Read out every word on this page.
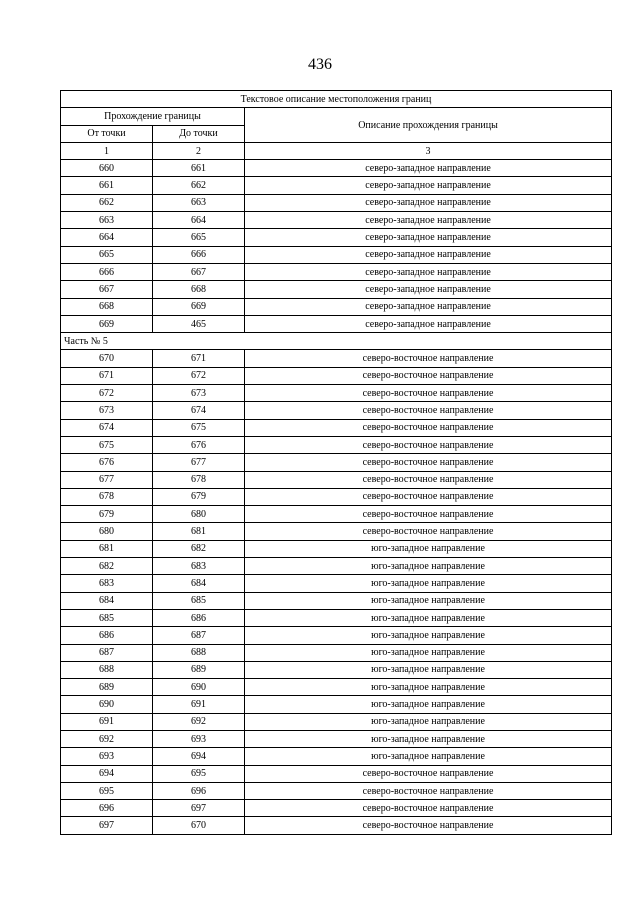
436
Текстовое описание местоположения границ		
Прохождение границы		Описание прохождения границы
От точки	До точки	
1	2	3
660	661	северо-западное направление
661	662	северо-западное направление
662	663	северо-западное направление
663	664	северо-западное направление
664	665	северо-западное направление
665	666	северо-западное направление
666	667	северо-западное направление
667	668	северо-западное направление
668	669	северо-западное направление
669	465	северо-западное направление
Часть № 5		
670	671	северо-восточное направление
671	672	северо-восточное направление
672	673	северо-восточное направление
673	674	северо-восточное направление
674	675	северо-восточное направление
675	676	северо-восточное направление
676	677	северо-восточное направление
677	678	северо-восточное направление
678	679	северо-восточное направление
679	680	северо-восточное направление
680	681	северо-восточное направление
681	682	юго-западное направление
682	683	юго-западное направление
683	684	юго-западное направление
684	685	юго-западное направление
685	686	юго-западное направление
686	687	юго-западное направление
687	688	юго-западное направление
688	689	юго-западное направление
689	690	юго-западное направление
690	691	юго-западное направление
691	692	юго-западное направление
692	693	юго-западное направление
693	694	юго-западное направление
694	695	северо-восточное направление
695	696	северо-восточное направление
696	697	северо-восточное направление
697	670	северо-восточное направление
